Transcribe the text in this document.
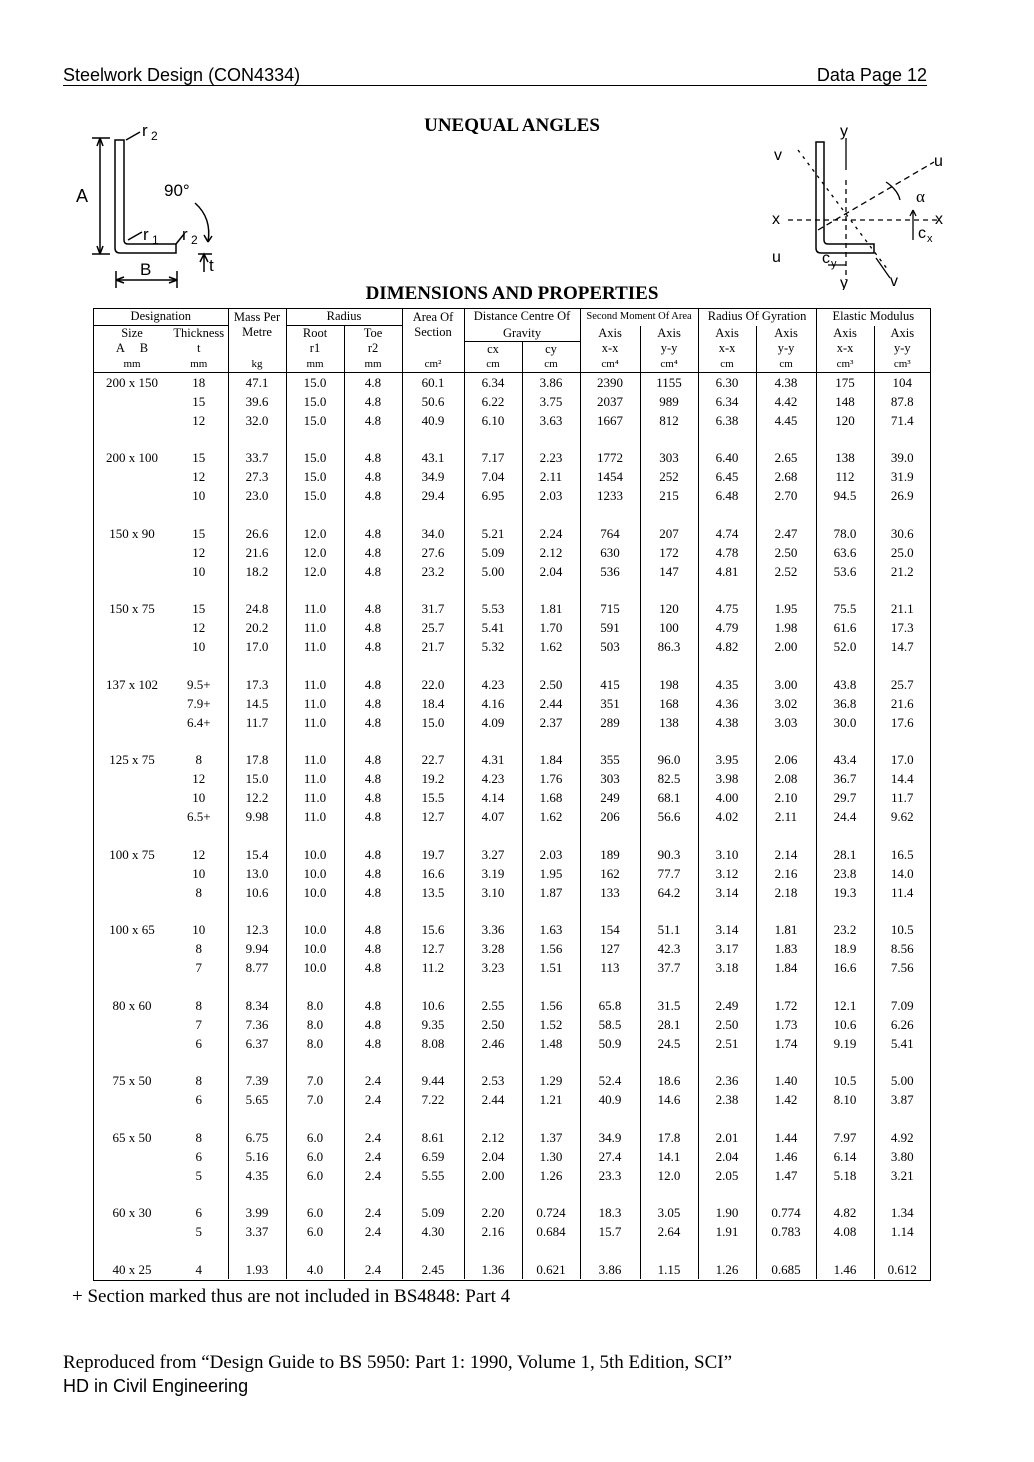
Steelwork Design (CON4334)	Data Page 12
UNEQUAL ANGLES
r 2
A	90°
r 1 r 2
B	t
y
v	u
α
x	x
c x
u	c y
y	v
DIMENSIONS AND PROPERTIES
Designation		Mass Per Metre	Radius		Area Of Section	Distance Centre Of		Second Moment Of Area		Radius Of Gyration		Elastic Modulus	
Size	Thickness		Root	Toe		Gravity		Axis	Axis	Axis	Axis	Axis	Axis
A     B	t		r1	r2		cx	cy	x-x	y-y	x-x	y-y	x-x	y-y
mm	mm	kg	mm	mm	cm²	cm	cm	cm⁴	cm⁴	cm	cm	cm³	cm³
200 x 150	18	47.1	15.0	4.8	60.1	6.34	3.86	2390	1155	6.30	4.38	175	104
	15	39.6	15.0	4.8	50.6	6.22	3.75	2037	989	6.34	4.42	148	87.8
	12	32.0	15.0	4.8	40.9	6.10	3.63	1667	812	6.38	4.45	120	71.4

200 x 100	15	33.7	15.0	4.8	43.1	7.17	2.23	1772	303	6.40	2.65	138	39.0
	12	27.3	15.0	4.8	34.9	7.04	2.11	1454	252	6.45	2.68	112	31.9
	10	23.0	15.0	4.8	29.4	6.95	2.03	1233	215	6.48	2.70	94.5	26.9

150 x 90	15	26.6	12.0	4.8	34.0	5.21	2.24	764	207	4.74	2.47	78.0	30.6
	12	21.6	12.0	4.8	27.6	5.09	2.12	630	172	4.78	2.50	63.6	25.0
	10	18.2	12.0	4.8	23.2	5.00	2.04	536	147	4.81	2.52	53.6	21.2

150 x 75	15	24.8	11.0	4.8	31.7	5.53	1.81	715	120	4.75	1.95	75.5	21.1
	12	20.2	11.0	4.8	25.7	5.41	1.70	591	100	4.79	1.98	61.6	17.3
	10	17.0	11.0	4.8	21.7	5.32	1.62	503	86.3	4.82	2.00	52.0	14.7

137 x 102	9.5+	17.3	11.0	4.8	22.0	4.23	2.50	415	198	4.35	3.00	43.8	25.7
	7.9+	14.5	11.0	4.8	18.4	4.16	2.44	351	168	4.36	3.02	36.8	21.6
	6.4+	11.7	11.0	4.8	15.0	4.09	2.37	289	138	4.38	3.03	30.0	17.6

125 x 75	8	17.8	11.0	4.8	22.7	4.31	1.84	355	96.0	3.95	2.06	43.4	17.0
	12	15.0	11.0	4.8	19.2	4.23	1.76	303	82.5	3.98	2.08	36.7	14.4
	10	12.2	11.0	4.8	15.5	4.14	1.68	249	68.1	4.00	2.10	29.7	11.7
	6.5+	9.98	11.0	4.8	12.7	4.07	1.62	206	56.6	4.02	2.11	24.4	9.62

100 x 75	12	15.4	10.0	4.8	19.7	3.27	2.03	189	90.3	3.10	2.14	28.1	16.5
	10	13.0	10.0	4.8	16.6	3.19	1.95	162	77.7	3.12	2.16	23.8	14.0
	8	10.6	10.0	4.8	13.5	3.10	1.87	133	64.2	3.14	2.18	19.3	11.4

100 x 65	10	12.3	10.0	4.8	15.6	3.36	1.63	154	51.1	3.14	1.81	23.2	10.5
	8	9.94	10.0	4.8	12.7	3.28	1.56	127	42.3	3.17	1.83	18.9	8.56
	7	8.77	10.0	4.8	11.2	3.23	1.51	113	37.7	3.18	1.84	16.6	7.56

80 x 60	8	8.34	8.0	4.8	10.6	2.55	1.56	65.8	31.5	2.49	1.72	12.1	7.09
	7	7.36	8.0	4.8	9.35	2.50	1.52	58.5	28.1	2.50	1.73	10.6	6.26
	6	6.37	8.0	4.8	8.08	2.46	1.48	50.9	24.5	2.51	1.74	9.19	5.41

75 x 50	8	7.39	7.0	2.4	9.44	2.53	1.29	52.4	18.6	2.36	1.40	10.5	5.00
	6	5.65	7.0	2.4	7.22	2.44	1.21	40.9	14.6	2.38	1.42	8.10	3.87

65 x 50	8	6.75	6.0	2.4	8.61	2.12	1.37	34.9	17.8	2.01	1.44	7.97	4.92
	6	5.16	6.0	2.4	6.59	2.04	1.30	27.4	14.1	2.04	1.46	6.14	3.80
	5	4.35	6.0	2.4	5.55	2.00	1.26	23.3	12.0	2.05	1.47	5.18	3.21

60 x 30	6	3.99	6.0	2.4	5.09	2.20	0.724	18.3	3.05	1.90	0.774	4.82	1.34
	5	3.37	6.0	2.4	4.30	2.16	0.684	15.7	2.64	1.91	0.783	4.08	1.14

40 x 25	4	1.93	4.0	2.4	2.45	1.36	0.621	3.86	1.15	1.26	0.685	1.46	0.612
+ Section marked thus are not included in BS4848: Part 4
Reproduced from “Design Guide to BS 5950: Part 1: 1990, Volume 1, 5th Edition, SCI”
HD in Civil Engineering
